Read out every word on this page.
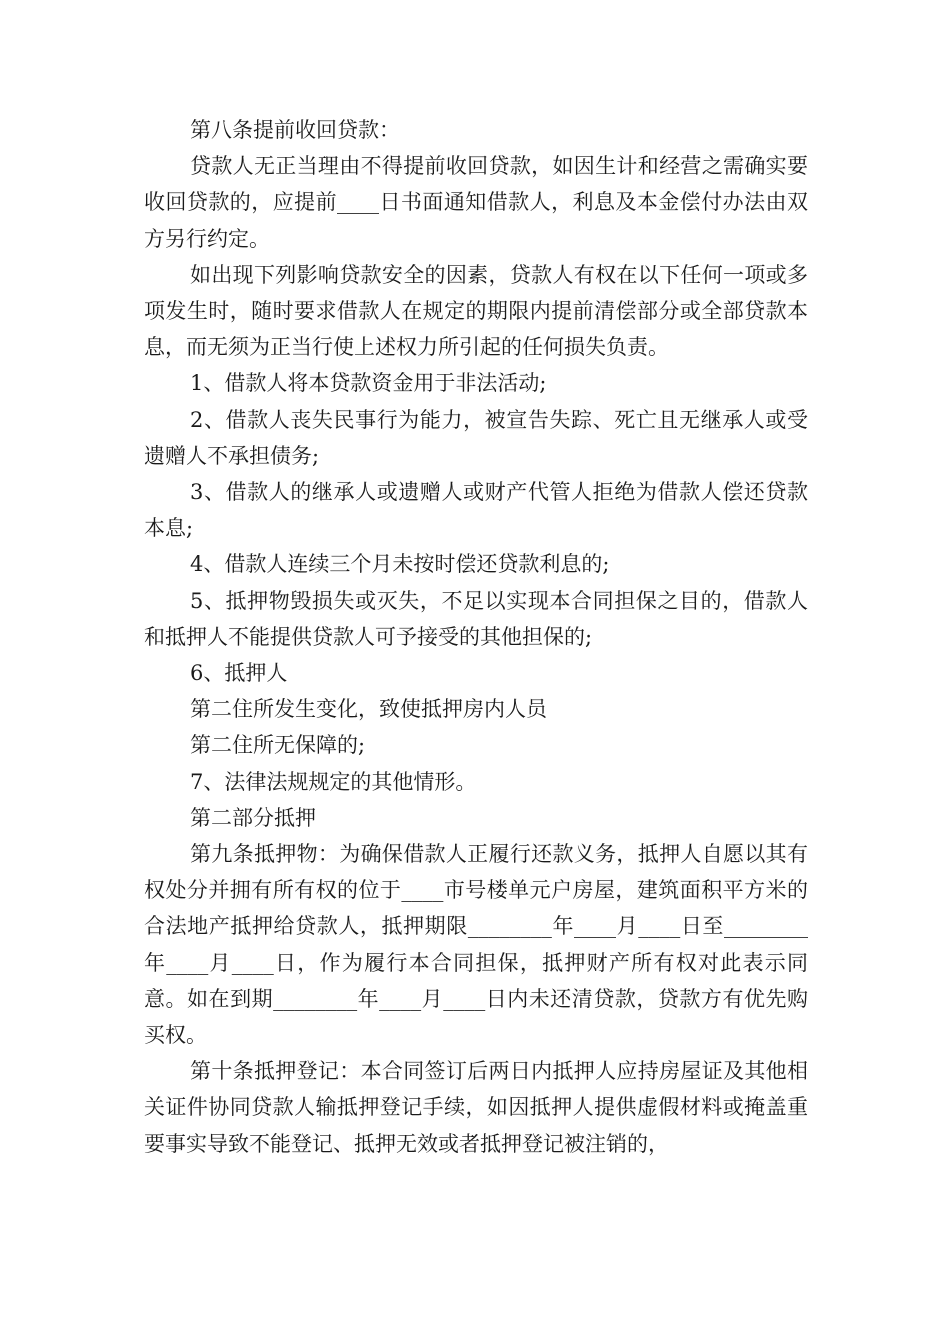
第八条提前收回贷款：

贷款人无正当理由不得提前收回贷款，如因生计和经营之需确实要收回贷款的，应提前____日书面通知借款人，利息及本金偿付办法由双方另行约定。

如出现下列影响贷款安全的因素，贷款人有权在以下任何一项或多项发生时，随时要求借款人在规定的期限内提前清偿部分或全部贷款本息，而无须为正当行使上述权力所引起的任何损失负责。

1、借款人将本贷款资金用于非法活动;

2、借款人丧失民事行为能力，被宣告失踪、死亡且无继承人或受遗赠人不承担债务;

3、借款人的继承人或遗赠人或财产代管人拒绝为借款人偿还贷款本息;

4、借款人连续三个月未按时偿还贷款利息的;

5、抵押物毁损失或灭失，不足以实现本合同担保之目的，借款人和抵押人不能提供贷款人可予接受的其他担保的;

6、抵押人

第二住所发生变化，致使抵押房内人员

第二住所无保障的;

7、法律法规规定的其他情形。

第二部分抵押

第九条抵押物：为确保借款人正履行还款义务，抵押人自愿以其有权处分并拥有所有权的位于____市号楼单元户房屋，建筑面积平方米的合法地产抵押给贷款人，抵押期限________年____月____日至________年____月____日，作为履行本合同担保，抵押财产所有权对此表示同意。如在到期________年____月____日内未还清贷款，贷款方有优先购买权。

第十条抵押登记：本合同签订后两日内抵押人应持房屋证及其他相关证件协同贷款人输抵押登记手续，如因抵押人提供虚假材料或掩盖重要事实导致不能登记、抵押无效或者抵押登记被注销的，
